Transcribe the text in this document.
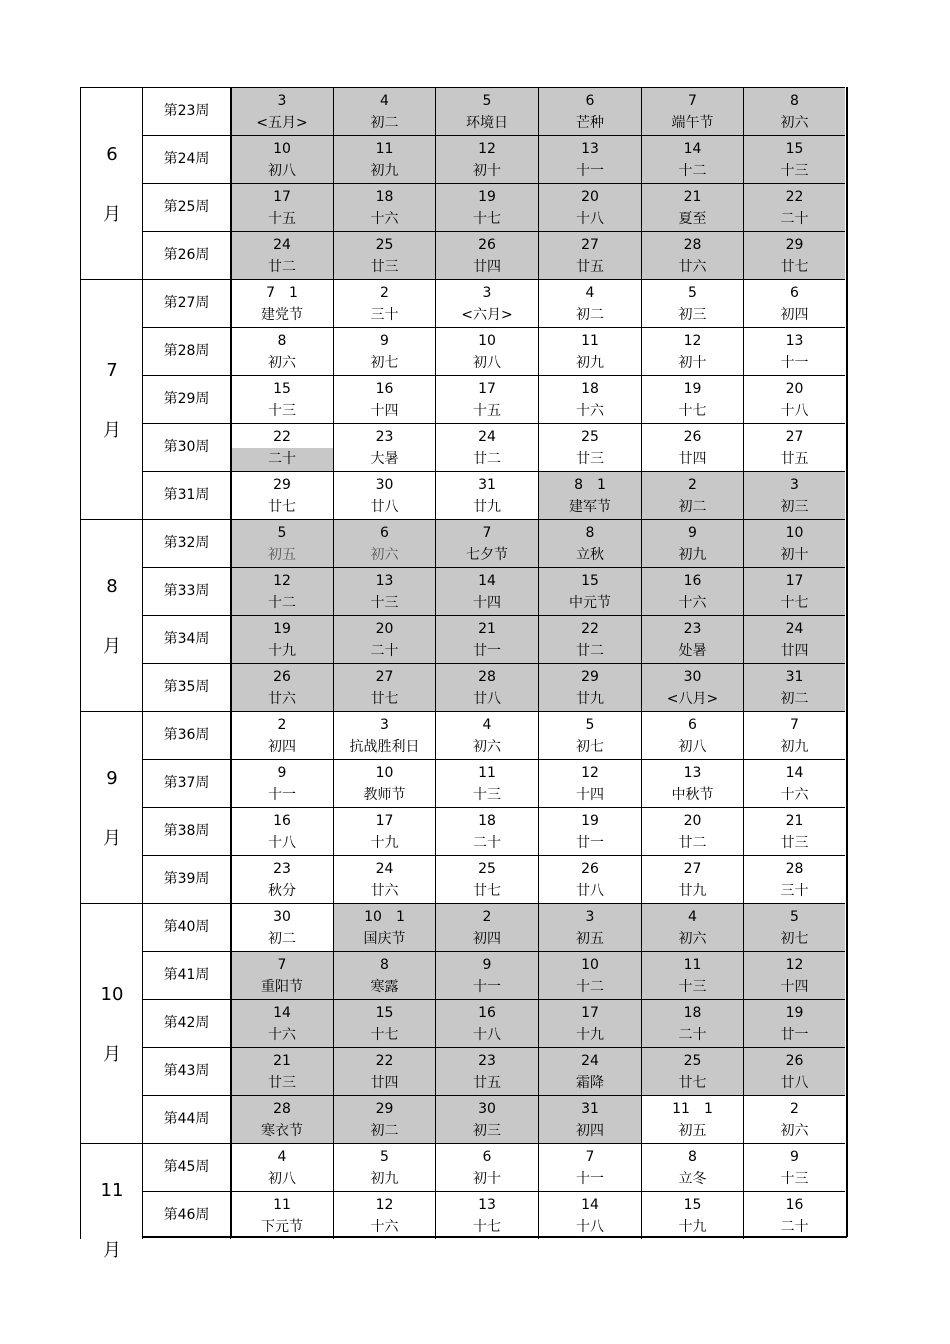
6
月
7
月
8
月
9
月
10
月
11
月
第23周
3
<五月>
4
初二
5
环境日
6
芒种
7
端午节
8
初六
第24周
10
初八
11
初九
12
初十
13
十一
14
十二
15
十三
第25周
17
十五
18
十六
19
十七
20
十八
21
夏至
22
二十
第26周
24
廿二
25
廿三
26
廿四
27
廿五
28
廿六
29
廿七
第27周
7　1
建党节
2
三十
3
<六月>
4
初二
5
初三
6
初四
第28周
8
初六
9
初七
10
初八
11
初九
12
初十
13
十一
第29周
15
十三
16
十四
17
十五
18
十六
19
十七
20
十八
第30周
22
二十
23
大暑
24
廿二
25
廿三
26
廿四
27
廿五
第31周
29
廿七
30
廿八
31
廿九
8　1
建军节
2
初二
3
初三
第32周
5
初五
6
初六
7
七夕节
8
立秋
9
初九
10
初十
第33周
12
十二
13
十三
14
十四
15
中元节
16
十六
17
十七
第34周
19
十九
20
二十
21
廿一
22
廿二
23
处暑
24
廿四
第35周
26
廿六
27
廿七
28
廿八
29
廿九
30
<八月>
31
初二
第36周
2
初四
3
抗战胜利日
4
初六
5
初七
6
初八
7
初九
第37周
9
十一
10
教师节
11
十三
12
十四
13
中秋节
14
十六
第38周
16
十八
17
十九
18
二十
19
廿一
20
廿二
21
廿三
第39周
23
秋分
24
廿六
25
廿七
26
廿八
27
廿九
28
三十
第40周
30
初二
10　1
国庆节
2
初四
3
初五
4
初六
5
初七
第41周
7
重阳节
8
寒露
9
十一
10
十二
11
十三
12
十四
第42周
14
十六
15
十七
16
十八
17
十九
18
二十
19
廿一
第43周
21
廿三
22
廿四
23
廿五
24
霜降
25
廿七
26
廿八
第44周
28
寒衣节
29
初二
30
初三
31
初四
11　1
初五
2
初六
第45周
4
初八
5
初九
6
初十
7
十一
8
立冬
9
十三
第46周
11
下元节
12
十六
13
十七
14
十八
15
十九
16
二十
